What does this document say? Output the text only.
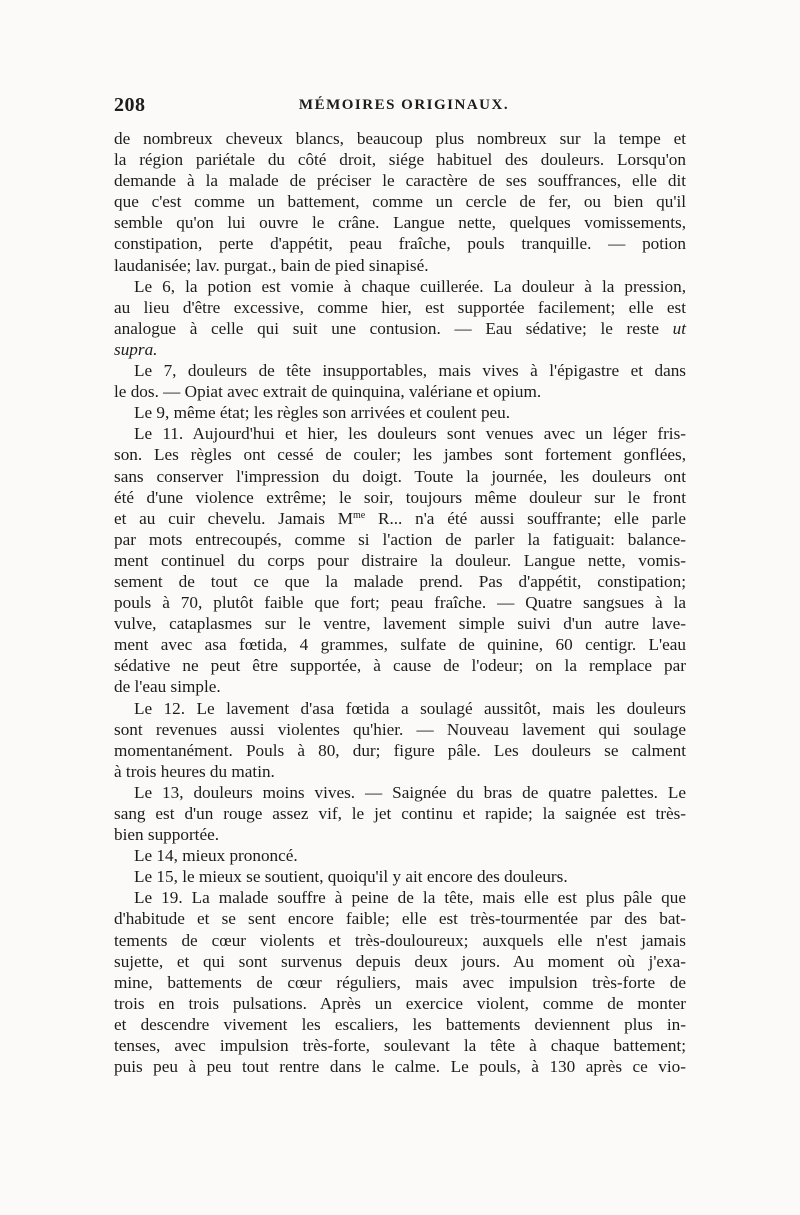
208	MÉMOIRES ORIGINAUX.

de nombreux cheveux blancs, beaucoup plus nombreux sur la tempe et
la région pariétale du côté droit, siége habituel des douleurs. Lorsqu'on
demande à la malade de préciser le caractère de ses souffrances, elle dit
que c'est comme un battement, comme un cercle de fer, ou bien qu'il
semble qu'on lui ouvre le crâne. Langue nette, quelques vomissements,
constipation, perte d'appétit, peau fraîche, pouls tranquille. — potion
laudanisée; lav. purgat., bain de pied sinapisé.

Le 6, la potion est vomie à chaque cuillerée. La douleur à la pression,
au lieu d'être excessive, comme hier, est supportée facilement; elle est
analogue à celle qui suit une contusion. — Eau sédative; le reste ut
supra.

Le 7, douleurs de tête insupportables, mais vives à l'épigastre et dans
le dos. — Opiat avec extrait de quinquina, valériane et opium.

Le 9, même état; les règles son arrivées et coulent peu.

Le 11. Aujourd'hui et hier, les douleurs sont venues avec un léger fris-
son. Les règles ont cessé de couler; les jambes sont fortement gonflées,
sans conserver l'impression du doigt. Toute la journée, les douleurs ont
été d'une violence extrême; le soir, toujours même douleur sur le front
et au cuir chevelu. Jamais $M^{me}$ R... n'a été aussi souffrante; elle parle
par mots entrecoupés, comme si l'action de parler la fatiguait: balance-
ment continuel du corps pour distraire la douleur. Langue nette, vomis-
sement de tout ce que la malade prend. Pas d'appétit, constipation;
pouls à 70, plutôt faible que fort; peau fraîche. — Quatre sangsues à la
vulve, cataplasmes sur le ventre, lavement simple suivi d'un autre lave-
ment avec asa fœtida, 4 grammes, sulfate de quinine, 60 centigr. L'eau
sédative ne peut être supportée, à cause de l'odeur; on la remplace par
de l'eau simple.

Le 12. Le lavement d'asa fœtida a soulagé aussitôt, mais les douleurs
sont revenues aussi violentes qu'hier. — Nouveau lavement qui soulage
momentanément. Pouls à 80, dur; figure pâle. Les douleurs se calment
à trois heures du matin.

Le 13, douleurs moins vives. — Saignée du bras de quatre palettes. Le
sang est d'un rouge assez vif, le jet continu et rapide; la saignée est très-
bien supportée.

Le 14, mieux prononcé.

Le 15, le mieux se soutient, quoiqu'il y ait encore des douleurs.

Le 19. La malade souffre à peine de la tête, mais elle est plus pâle que
d'habitude et se sent encore faible; elle est très-tourmentée par des bat-
tements de cœur violents et très-douloureux; auxquels elle n'est jamais
sujette, et qui sont survenus depuis deux jours. Au moment où j'exa-
mine, battements de cœur réguliers, mais avec impulsion très-forte de
trois en trois pulsations. Après un exercice violent, comme de monter
et descendre vivement les escaliers, les battements deviennent plus in-
tenses, avec impulsion très-forte, soulevant la tête à chaque battement;
puis peu à peu tout rentre dans le calme. Le pouls, à 130 après ce vio-
